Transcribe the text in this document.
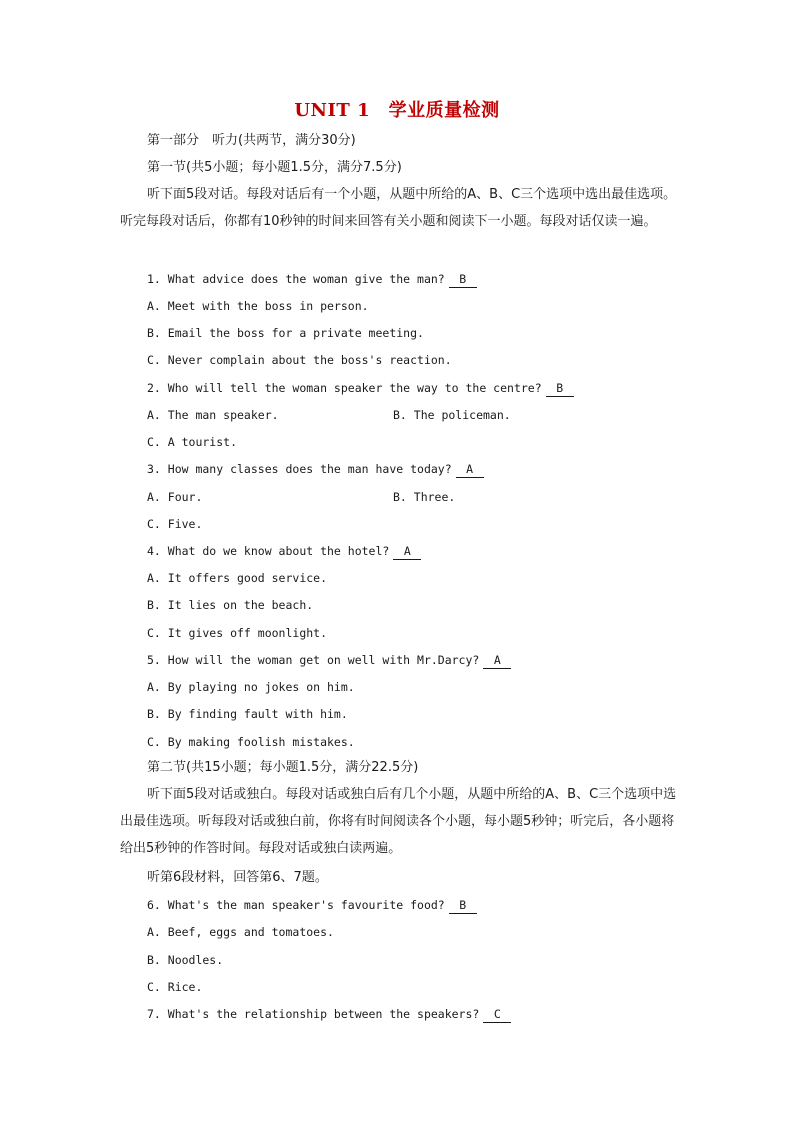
UNIT 1　学业质量检测
第一部分　听力(共两节，满分30分)
第一节(共5小题；每小题1.5分，满分7.5分)
听下面5段对话。每段对话后有一个小题，从题中所给的A、B、C三个选项中选出最佳选项。听完每段对话后，你都有10秒钟的时间来回答有关小题和阅读下一小题。每段对话仅读一遍。
1. What advice does the woman give the man? B
A. Meet with the boss in person.
B. Email the boss for a private meeting.
C. Never complain about the boss's reaction.
2. Who will tell the woman speaker the way to the centre? B
A. The man speaker.	B. The policeman.
C. A tourist.
3. How many classes does the man have today? A
A. Four.	B. Three.
C. Five.
4. What do we know about the hotel? A
A. It offers good service.
B. It lies on the beach.
C. It gives off moonlight.
5. How will the woman get on well with Mr.Darcy? A
A. By playing no jokes on him.
B. By finding fault with him.
C. By making foolish mistakes.
第二节(共15小题；每小题1.5分，满分22.5分)
听下面5段对话或独白。每段对话或独白后有几个小题，从题中所给的A、B、C三个选项中选出最佳选项。听每段对话或独白前，你将有时间阅读各个小题，每小题5秒钟；听完后，各小题将给出5秒钟的作答时间。每段对话或独白读两遍。
听第6段材料，回答第6、7题。
6. What's the man speaker's favourite food? B
A. Beef, eggs and tomatoes.
B. Noodles.
C. Rice.
7. What's the relationship between the speakers? C
